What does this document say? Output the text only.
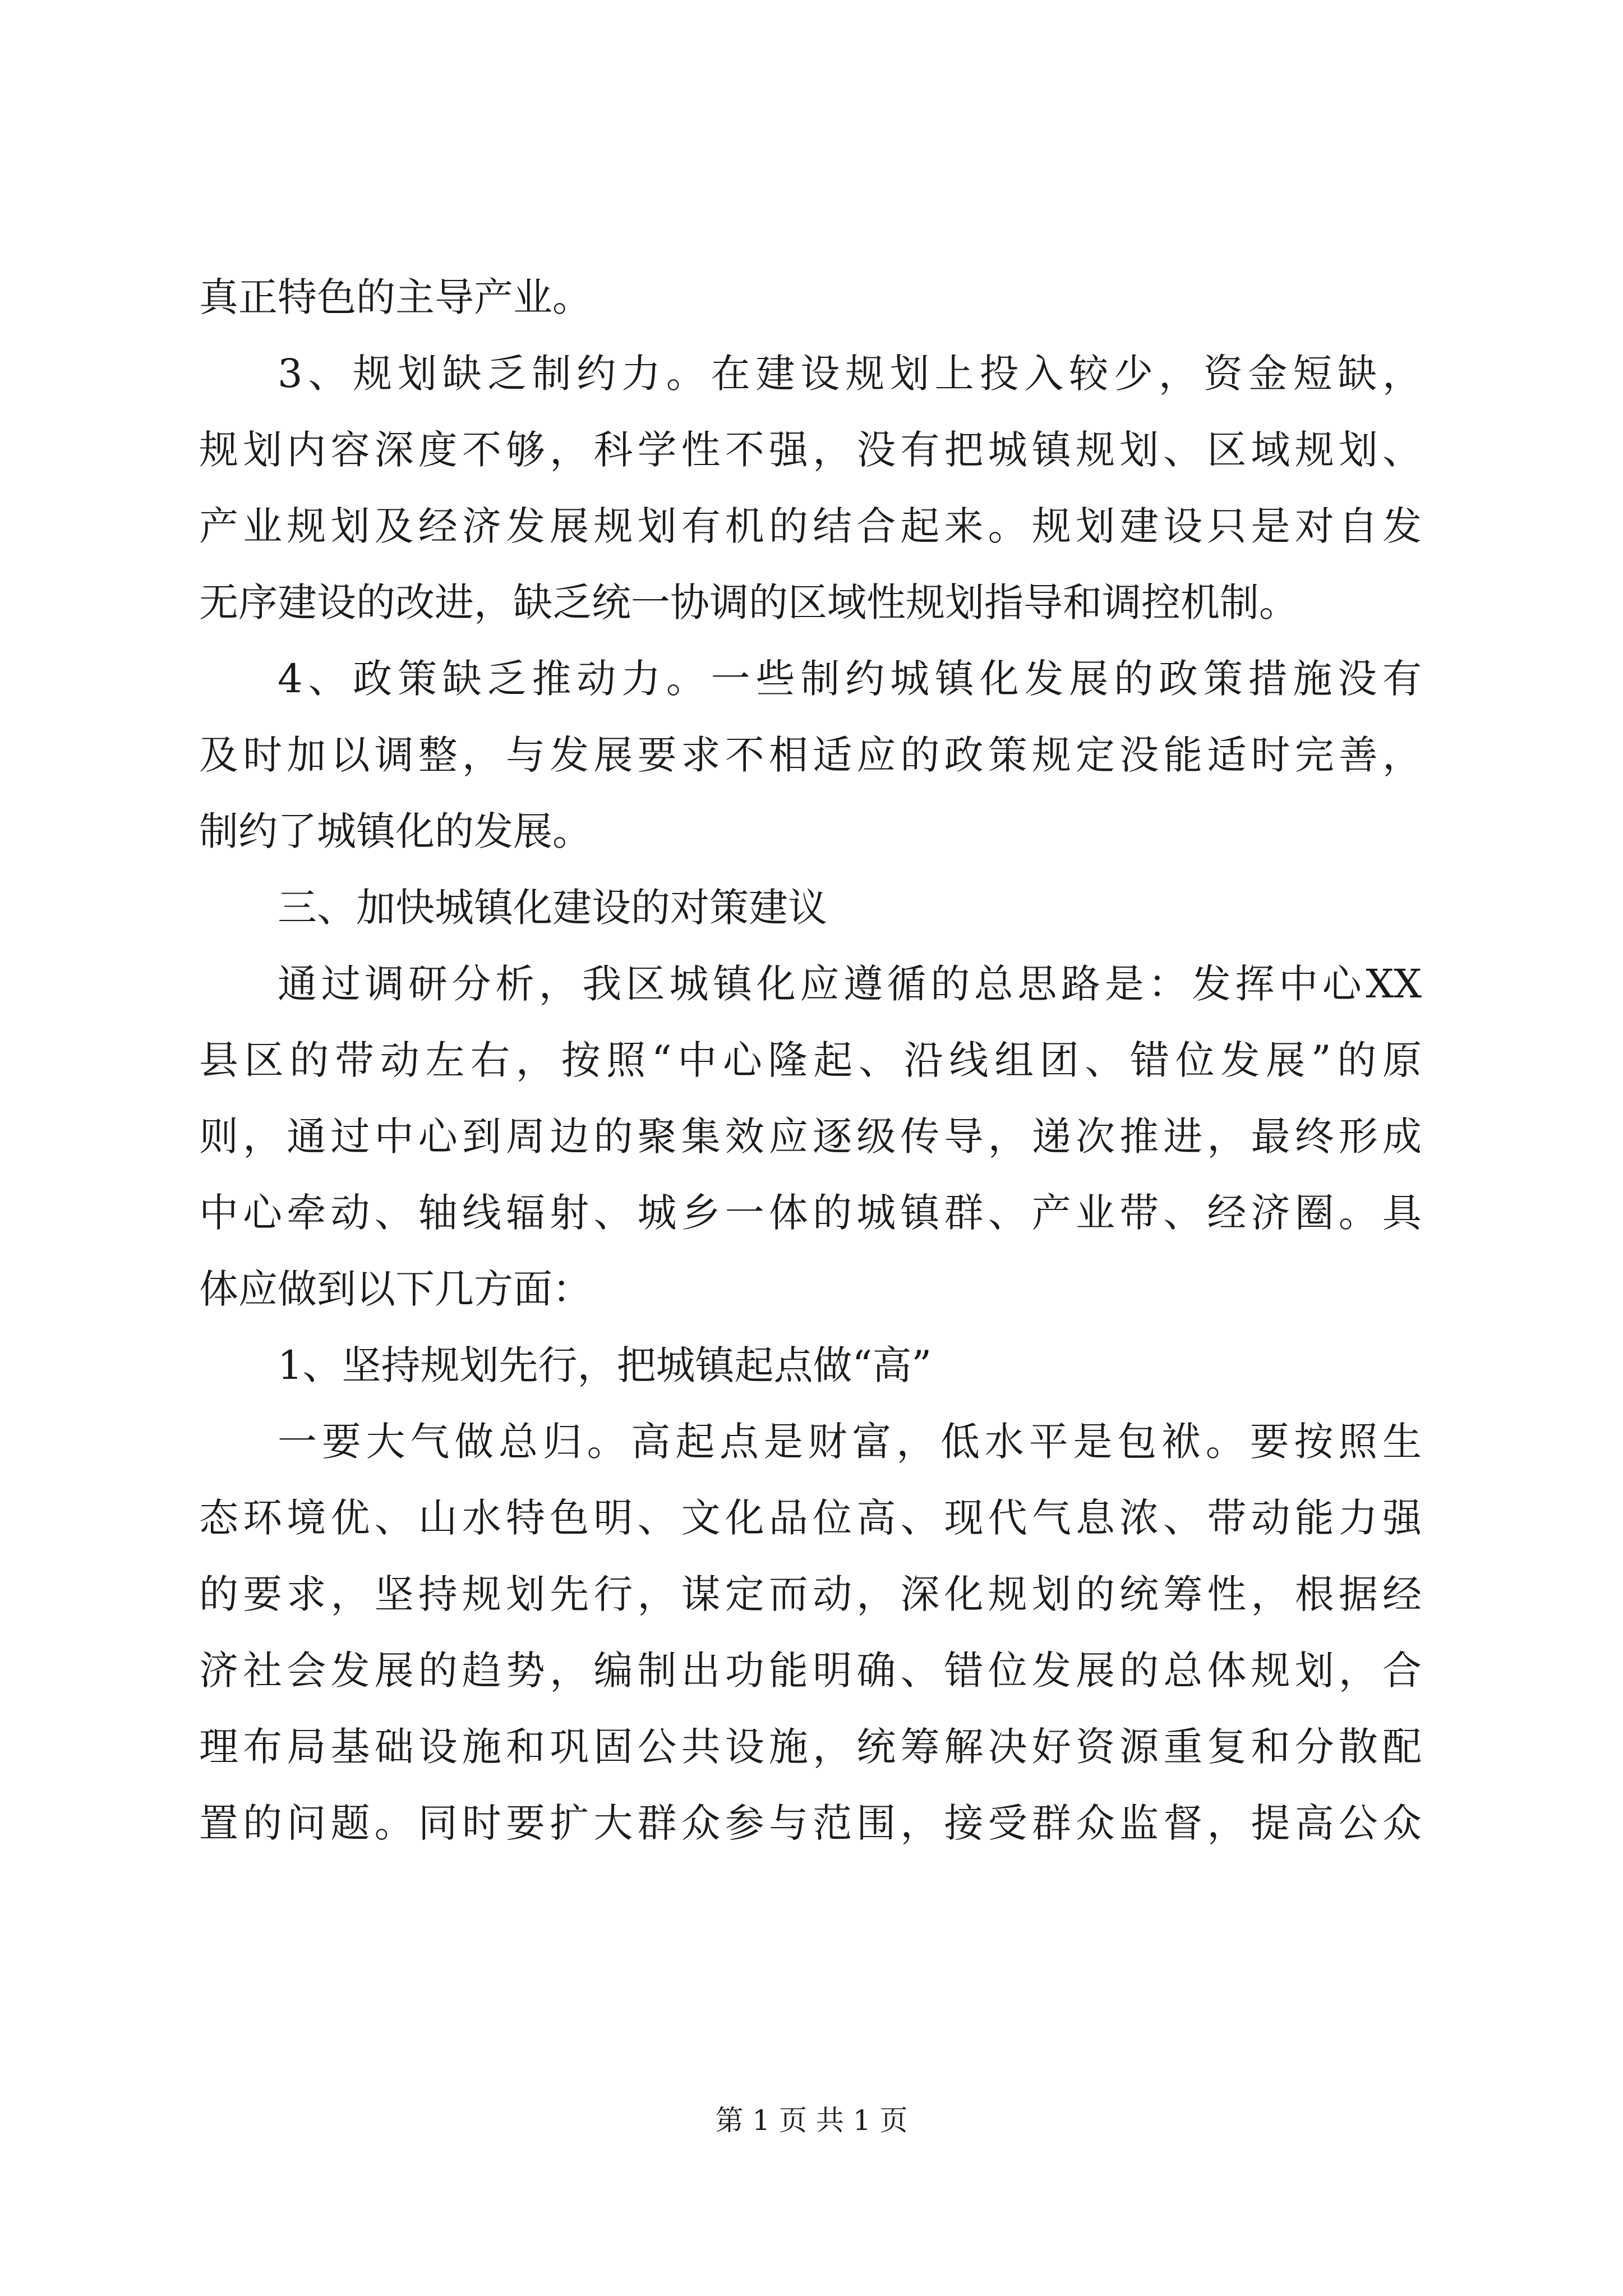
真正特色的主导产业。
3、规划缺乏制约力。在建设规划上投入较少，资金短缺，
规划内容深度不够，科学性不强，没有把城镇规划、区域规划、
产业规划及经济发展规划有机的结合起来。规划建设只是对自发
无序建设的改进，缺乏统一协调的区域性规划指导和调控机制。
4、政策缺乏推动力。一些制约城镇化发展的政策措施没有
及时加以调整，与发展要求不相适应的政策规定没能适时完善，
制约了城镇化的发展。
三、加快城镇化建设的对策建议
通过调研分析，我区城镇化应遵循的总思路是：发挥中心XX
县区的带动左右，按照“中心隆起、沿线组团、错位发展”的原
则，通过中心到周边的聚集效应逐级传导，递次推进，最终形成
中心牵动、轴线辐射、城乡一体的城镇群、产业带、经济圈。具
体应做到以下几方面：
1、坚持规划先行，把城镇起点做“高”
一要大气做总归。高起点是财富，低水平是包袱。要按照生
态环境优、山水特色明、文化品位高、现代气息浓、带动能力强
的要求，坚持规划先行，谋定而动，深化规划的统筹性，根据经
济社会发展的趋势，编制出功能明确、错位发展的总体规划，合
理布局基础设施和巩固公共设施，统筹解决好资源重复和分散配
置的问题。同时要扩大群众参与范围，接受群众监督，提高公众
第 1 页 共 1 页
